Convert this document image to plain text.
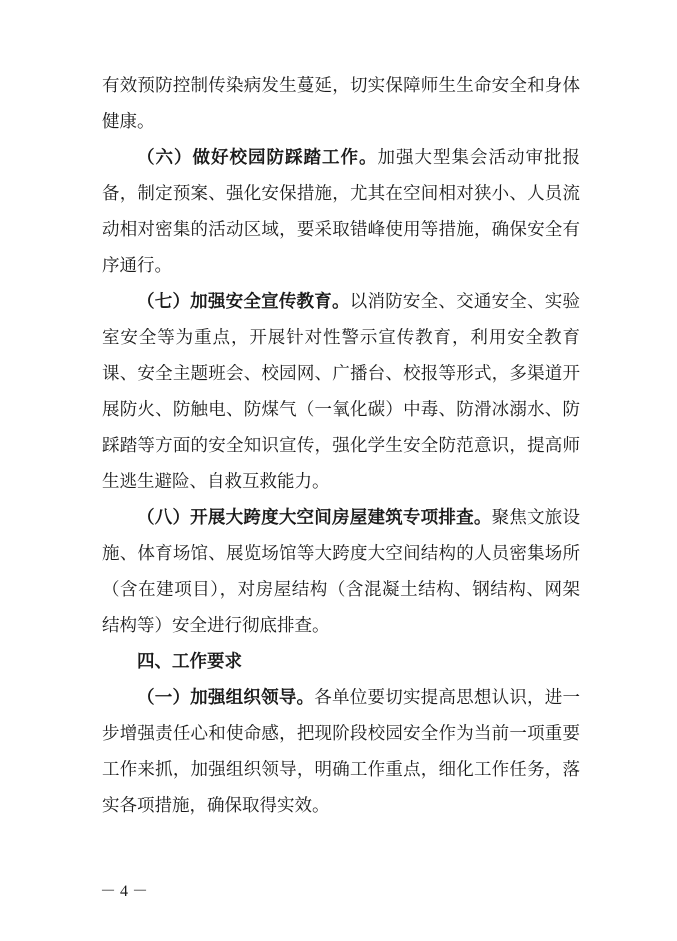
有效预防控制传染病发生蔓延，切实保障师生生命安全和身体健康。

（六）做好校园防踩踏工作。加强大型集会活动审批报备，制定预案、强化安保措施，尤其在空间相对狭小、人员流动相对密集的活动区域，要采取错峰使用等措施，确保安全有序通行。

（七）加强安全宣传教育。以消防安全、交通安全、实验室安全等为重点，开展针对性警示宣传教育，利用安全教育课、安全主题班会、校园网、广播台、校报等形式，多渠道开展防火、防触电、防煤气（一氧化碳）中毒、防滑冰溺水、防踩踏等方面的安全知识宣传，强化学生安全防范意识，提高师生逃生避险、自救互救能力。

（八）开展大跨度大空间房屋建筑专项排查。聚焦文旅设施、体育场馆、展览场馆等大跨度大空间结构的人员密集场所（含在建项目），对房屋结构（含混凝土结构、钢结构、网架结构等）安全进行彻底排查。

四、工作要求

（一）加强组织领导。各单位要切实提高思想认识，进一步增强责任心和使命感，把现阶段校园安全作为当前一项重要工作来抓，加强组织领导，明确工作重点，细化工作任务，落实各项措施，确保取得实效。

－ 4 －
